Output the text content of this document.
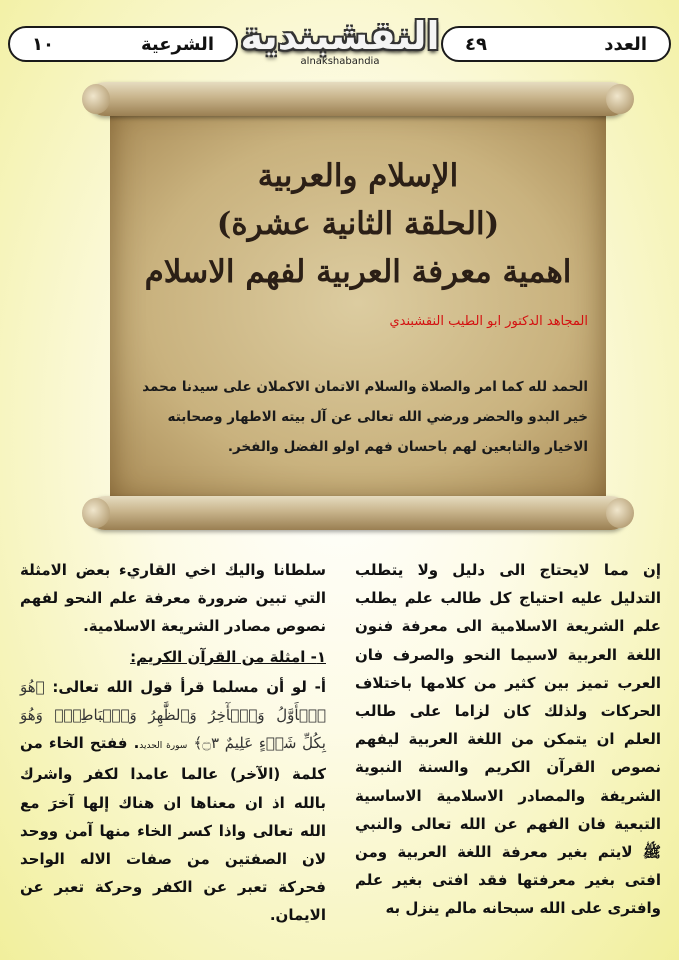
١٠	الشرعية النقشبندية
alnakshabandia
٤٩	العدد
الإسلام والعربية
(الحلقة الثانية عشرة)
اهمية معرفة العربية لفهم الاسلام
المجاهد الدكتور ابو الطيب النقشبندي
الحمد لله كما امر والصلاة والسلام الاتمان الاكملان على سيدنا محمد خير البدو والحضر ورضي الله تعالى عن آل بيته الاطهار وصحابته الاخيار والتابعين لهم باحسان فهم اولو الفضل والفخر.

إن مما لايحتاج الى دليل ولا يتطلب التدليل عليه احتياج كل طالب علم يطلب علم الشريعة الاسلامية الى معرفة فنون اللغة العربية لاسيما النحو والصرف فان العرب تميز بين كثير من كلامها باختلاف الحركات ولذلك كان لزاما على طالب العلم ان يتمكن من اللغة العربية ليفهم نصوص القرآن الكريم والسنة النبوية الشريفة والمصادر الاسلامية الاساسية التبعية فان الفهم عن الله تعالى والنبي ﷺ لايتم بغير معرفة اللغة العربية ومن افتى بغير معرفتها فقد افتى بغير علم وافترى على الله سبحانه مالم ينزل به

سلطانا واليك اخي القاريء بعض الامثلة التي تبين ضرورة معرفة علم النحو لفهم نصوص مصادر الشريعة الاسلامية.

١- امثلة من القرآن الكريم:

أ- لو أن مسلما قرأ قول الله تعالى: ﴿هُوَ ٱلۡأَوَّلُ وَٱلۡأٓخِرُ وَٱلظَّٰهِرُ وَٱلۡبَاطِنُۖ وَهُوَ بِكُلِّ شَيۡءٍ عَلِيمٌ ۝٣﴾ سورة الحديد. ففتح الخاء من كلمة (الآخر) عالما عامدا لكفر واشرك بالله اذ ان معناها ان هناك إلها آخرَ مع الله تعالى واذا كسر الخاء منها آمن ووحد لان الصفتين من صفات الاله الواحد فحركة تعبر عن الكفر وحركة تعبر عن الايمان.
